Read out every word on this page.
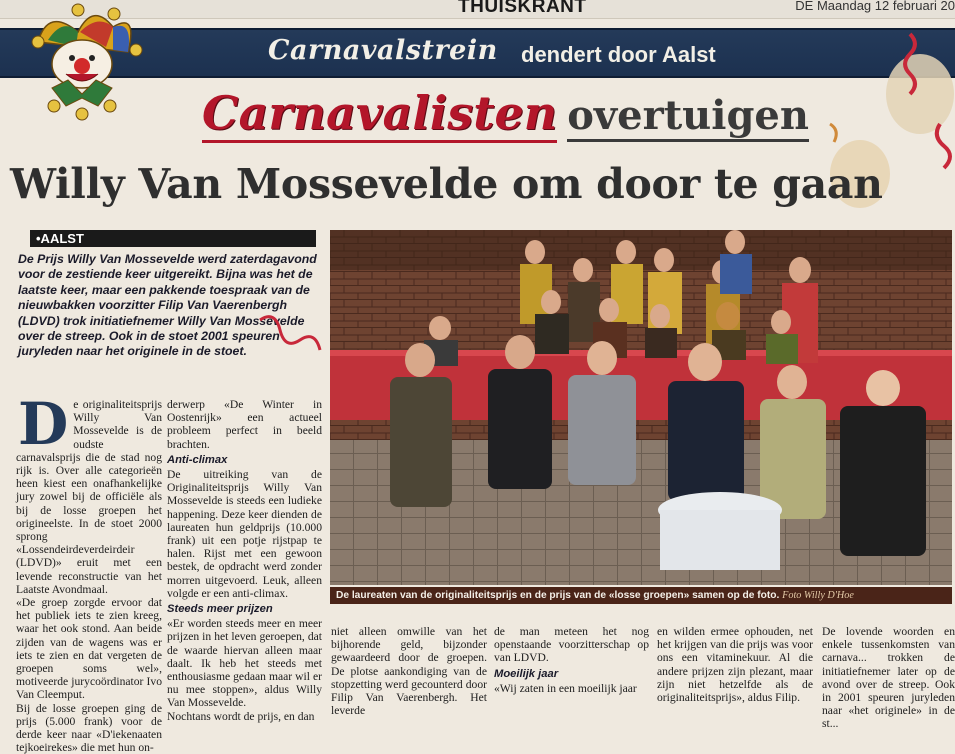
THUISKRANT	DE Maandag 12 februari 20
Carnavalstrein dendert door Aalst
Carnavalisten overtuigen
Willy Van Mossevelde om door te gaan
•AALST
De Prijs Willy Van Mossevelde werd zaterdagavond voor de zestiende keer uitgereikt. Bijna was het de laatste keer, maar een pakkende toespraak van de nieuwbakken voorzitter Filip Van Vaerenbergh (LDVD) trok initiatiefnemer Willy Van Mossevelde over de streep. Ook in de stoet 2001 speuren juryleden naar het originele in de stoet.
De laureaten van de originaliteitsprijs en de prijs van de «losse groepen» samen op de foto. Foto Willy D'Hoe
D e originaliteitsprijs Willy Van Mossevelde is de oudste carnavalsprijs die de stad nog rijk is. Over alle categorieën heen kiest een onafhankelijke jury zowel bij de officiële als bij de losse groepen het origineelste. In de stoet 2000 sprong «Lossendeirdeverdeirdeir (LDVD)» eruit met een levende reconstructie van het Laatste Avondmaal.

«De groep zorgde ervoor dat het publiek iets te zien kreeg, waar het ook stond. Aan beide zijden van de wagens was er iets te zien en dat vergeten de groepen soms wel», motiveerde jurycoördinator Ivo Van Cleemput.

Bij de losse groepen ging de prijs (5.000 frank) voor de derde keer naar «D'iekenaaten tejkoeirekes» die met hun on-

derwerp «De Winter in Oostenrijk» een actueel probleem perfect in beeld brachten.

Anti-climax

De uitreiking van de Originaliteitsprijs Willy Van Mossevelde is steeds een ludieke happening. Deze keer dienden de laureaten hun geldprijs (10.000 frank) uit een potje rijstpap te halen. Rijst met een gewoon bestek, de opdracht werd zonder morren uitgevoerd. Leuk, alleen volgde er een anti-climax.

Steeds meer prijzen

«Er worden steeds meer en meer prijzen in het leven geroepen, dat de waarde hiervan alleen maar daalt. Ik heb het steeds met enthousiasme gedaan maar wil er nu mee stoppen», aldus Willy Van Mossevelde.

Nochtans wordt de prijs, en dan

niet alleen omwille van het bijhorende geld, bijzonder gewaardeerd door de groepen. De plotse aankondiging van de stopzetting werd gecounterd door Filip Van Vaerenbergh. Het leverde

de man meteen het nog openstaande voorzitterschap op van LDVD.

Moeilijk jaar

«Wij zaten in een moeilijk jaar

en wilden ermee ophouden, net het krijgen van die prijs was voor ons een vitaminekuur. Al die andere prijzen zijn plezant, maar zijn niet hetzelfde als de originaliteitsprijs», aldus Filip.

De lovende woorden en enkele tussenkomsten van carnava... trokken de initiatiefnemer later op de avond over de streep. Ook in 2001 speuren juryleden naar «het originele» in de st...
